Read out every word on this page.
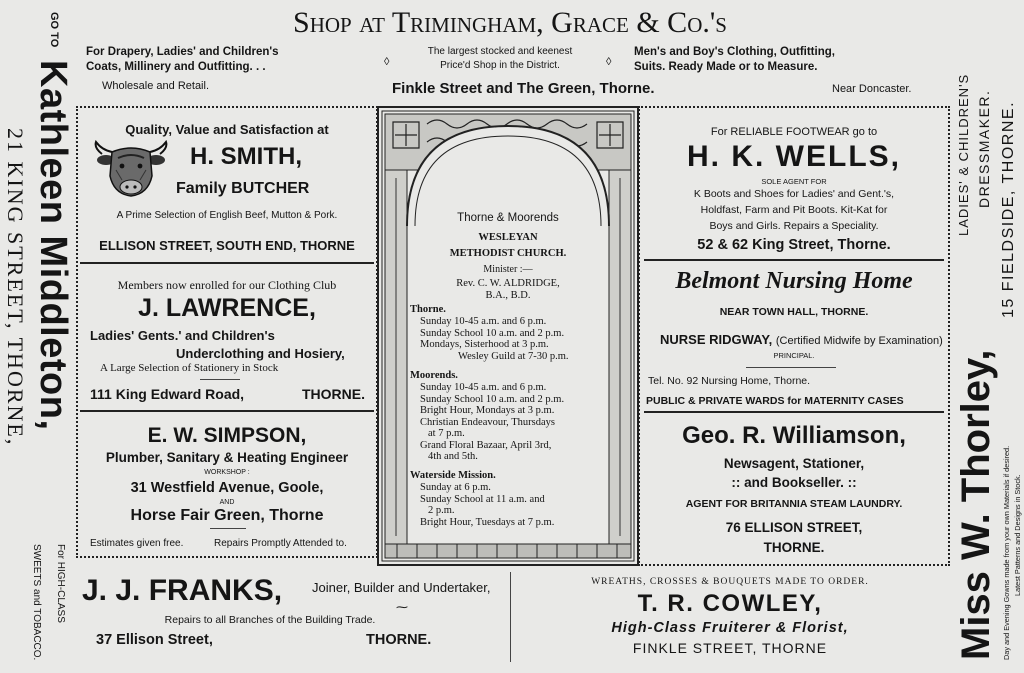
GO TO
Kathleen Middleton,
21 KING STREET, THORNE,
For HIGH-CLASS
SWEETS and TOBACCO.
Shop at Trimingham, Grace & Co.'s
For Drapery, Ladies' and Children's
Coats, Millinery and Outfitting. . .
Wholesale and Retail.
◊	◊
The largest stocked and keenest
Price'd Shop in the District.
Men's and Boy's Clothing, Outfitting,
Suits. Ready Made or to Measure.
Finkle Street and The Green, Thorne.	Near Doncaster.
Quality, Value and Satisfaction at
H. SMITH,
Family BUTCHER
A Prime Selection of English Beef, Mutton & Pork.
ELLISON STREET, SOUTH END, THORNE
Members now enrolled for our Clothing Club
J. LAWRENCE,
Ladies' Gents.' and Children's
Underclothing and Hosiery,
A Large Selection of Stationery in Stock
111 King Edward Road,	THORNE.
E. W. SIMPSON,
Plumber, Sanitary & Heating Engineer
WORKSHOP :
31 Westfield Avenue, Goole,
AND
Horse Fair Green, Thorne
Estimates given free.	Repairs Promptly Attended to.
Thorne & Moorends
WESLEYAN
METHODIST CHURCH.
Minister :—
Rev. C. W. ALDRIDGE,
B.A., B.D.
Thorne.
Sunday 10-45 a.m. and 6 p.m.
Sunday School 10 a.m. and 2 p.m.
Mondays, Sisterhood at 3 p.m.
Wesley Guild at 7-30 p.m.
Moorends.
Sunday 10-45 a.m. and 6 p.m.
Sunday School 10 a.m. and 2 p.m.
Bright Hour, Mondays at 3 p.m.
Christian Endeavour, Thursdays
at 7 p.m.
Grand Floral Bazaar, April 3rd,
4th and 5th.
Waterside Mission.
Sunday at 6 p.m.
Sunday School at 11 a.m. and
2 p.m.
Bright Hour, Tuesdays at 7 p.m.
For RELIABLE FOOTWEAR go to
H. K. WELLS,
SOLE AGENT FOR
K Boots and Shoes for Ladies' and Gent.'s,
Holdfast, Farm and Pit Boots. Kit-Kat for
Boys and Girls. Repairs a Speciality.
52 & 62 King Street, Thorne.
Belmont Nursing Home
NEAR TOWN HALL, THORNE.
NURSE RIDGWAY, (Certified Midwife by Examination)
PRINCIPAL.
Tel. No. 92 Nursing Home, Thorne.
PUBLIC & PRIVATE WARDS for MATERNITY CASES
Geo. R. Williamson,
Newsagent, Stationer,
:: and Bookseller. ::
AGENT FOR BRITANNIA STEAM LAUNDRY.
76 ELLISON STREET,
THORNE.
J. J. FRANKS, Joiner, Builder and Undertaker,
⁓
Repairs to all Branches of the Building Trade.
37 Ellison Street,	THORNE.
WREATHS, CROSSES & BOUQUETS MADE TO ORDER.
T. R. COWLEY,
High-Class Fruiterer & Florist,
FINKLE STREET, THORNE	Miss W. Thorley,
LADIES' & CHILDREN'S DRESSMAKER. 15 FIELDSIDE, THORNE.
Day and Evening Gowns made from your own Materials if desired. Latest Patterns and Designs in Stock.
